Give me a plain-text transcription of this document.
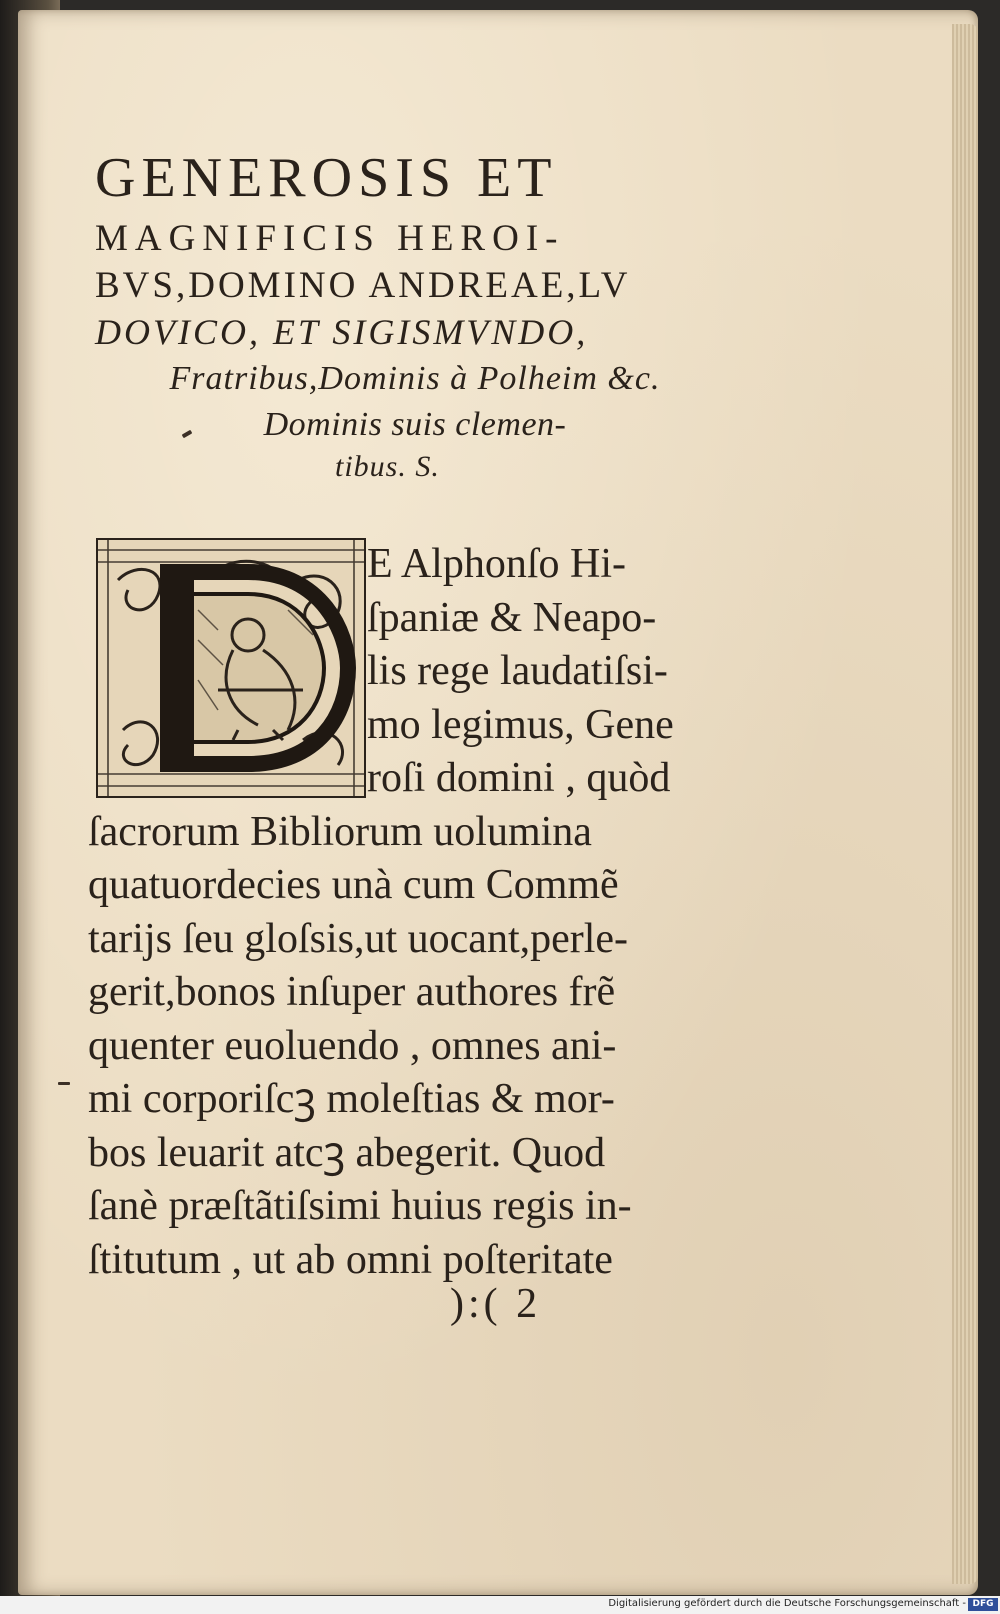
GENEROSIS ET

MAGNIFICIS HEROI-

BVS,DOMINO ANDREAE,LV

DOVICO, ET SIGISMVNDO,

Fratribus,Dominis à Polheim &c.

Dominis suis clemen-

tibus. S.

E Alphonſo Hi-
ſpaniæ & Neapo-
lis rege laudatiſsi-
mo legimus, Gene
roſi domini , quòd
ſacrorum Bibliorum uolumina
quatuordecies unà cum Commẽ
tarijs ſeu gloſsis,ut uocant,perle-
gerit,bonos inſuper authores frẽ
quenter euoluendo , omnes ani-
mi corporiſcꝫ moleſtias & mor-
bos leuarit atcꝫ abegerit. Quod
ſanè præſtãtiſsimi huius regis in-
ſtitutum , ut ab omni poſteritate
):( 2
Digitalisierung gefördert durch die Deutsche Forschungsgemeinschaft - DFG
